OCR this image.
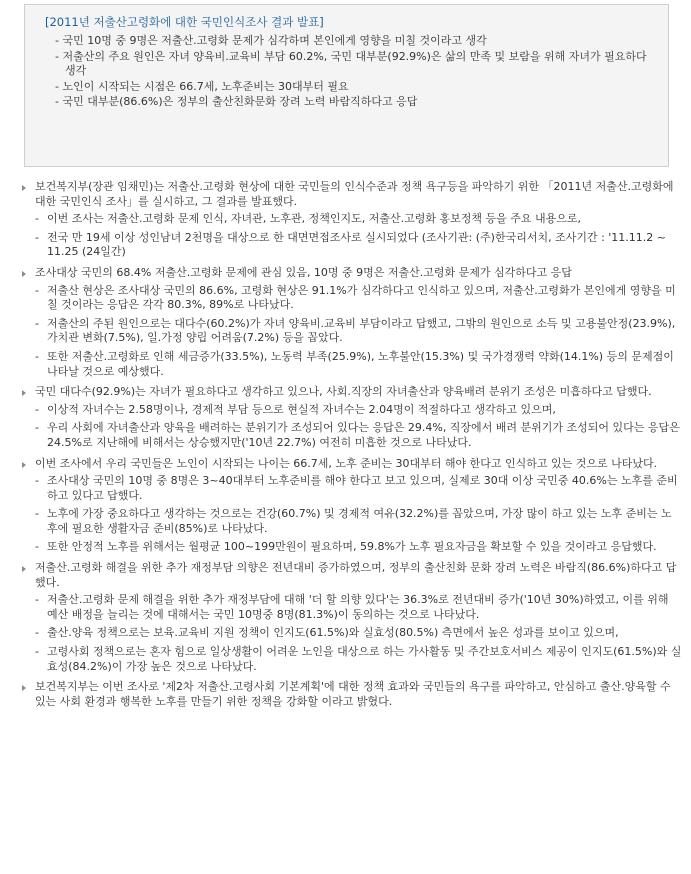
[2011년 저출산고령화에 대한 국민인식조사 결과 발표]
- 국민 10명 중 9명은 저출산.고령화 문제가 심각하며 본인에게 영향을 미칠 것이라고 생각
- 저출산의 주요 원인은 자녀 양육비.교육비 부담 60.2%, 국민 대부분(92.9%)은 삶의 만족 및 보람을 위해 자녀가 필요하다 생각
- 노인이 시작되는 시점은 66.7세, 노후준비는 30대부터 필요
- 국민 대부분(86.6%)은 정부의 출산친화문화 장려 노력 바람직하다고 응답
보건복지부(장관 임채민)는 저출산.고령화 현상에 대한 국민들의 인식수준과 정책 욕구등을 파악하기 위한 「2011년 저출산.고령화에 대한 국민인식 조사」를 실시하고, 그 결과를 발표했다.
- 이번 조사는 저출산.고령화 문제 인식, 자녀관, 노후관, 정책인지도, 저출산.고령화 홍보정책 등을 주요 내용으로,
- 전국 만 19세 이상 성인남녀 2천명을 대상으로 한 대면면접조사로 실시되었다 (조사기관: (주)한국리서치, 조사기간 : '11.11.2 ~ 11.25 (24일간)
조사대상 국민의 68.4% 저출산.고령화 문제에 관심 있음, 10명 중 9명은 저출산.고령화 문제가 심각하다고 응답
- 저출산 현상은 조사대상 국민의 86.6%, 고령화 현상은 91.1%가 심각하다고 인식하고 있으며, 저출산.고령화가 본인에게 영향을 미칠 것이라는 응답은 각각 80.3%, 89%로 나타났다.
- 저출산의 주된 원인으로는 대다수(60.2%)가 자녀 양육비.교육비 부담이라고 답했고, 그밖의 원인으로 소득 및 고용불안정(23.9%), 가치관 변화(7.5%), 일.가정 양립 어려움(7.2%) 등을 꼽았다.
- 또한 저출산.고령화로 인해 세금증가(33.5%), 노동력 부족(25.9%), 노후불안(15.3%) 및 국가경쟁력 약화(14.1%) 등의 문제점이 나타날 것으로 예상했다.
국민 대다수(92.9%)는 자녀가 필요하다고 생각하고 있으나, 사회.직장의 자녀출산과 양육배려 분위기 조성은 미흡하다고 답했다.
- 이상적 자녀수는 2.58명이나, 경제적 부담 등으로 현실적 자녀수는 2.04명이 적절하다고 생각하고 있으며,
- 우리 사회에 자녀출산과 양육을 배려하는 분위기가 조성되어 있다는 응답은 29.4%, 직장에서 배려 분위기가 조성되어 있다는 응답은 24.5%로 지난해에 비해서는 상승했지만('10년 22.7%) 여전히 미흡한 것으로 나타났다.
이번 조사에서 우리 국민들은 노인이 시작되는 나이는 66.7세, 노후 준비는 30대부터 해야 한다고 인식하고 있는 것으로 나타났다.
- 조사대상 국민의 10명 중 8명은 3~40대부터 노후준비를 해야 한다고 보고 있으며, 실제로 30대 이상 국민중 40.6%는 노후를 준비하고 있다고 답했다.
- 노후에 가장 중요하다고 생각하는 것으로는 건강(60.7%) 및 경제적 여유(32.2%)를 꼽았으며, 가장 많이 하고 있는 노후 준비는 노후에 필요한 생활자금 준비(85%)로 나타났다.
- 또한 안정적 노후를 위해서는 월평균 100~199만원이 필요하며, 59.8%가 노후 필요자금을 확보할 수 있을 것이라고 응답했다.
저출산.고령화 해결을 위한 추가 재정부담 의향은 전년대비 증가하였으며, 정부의 출산친화 문화 장려 노력은 바람직(86.6%)하다고 답했다.
- 저출산.고령화 문제 해결을 위한 추가 재정부담에 대해 '더 할 의향 있다'는 36.3%로 전년대비 증가('10년 30%)하였고, 이를 위해 예산 배정을 늘리는 것에 대해서는 국민 10명중 8명(81.3%)이 동의하는 것으로 나타났다.
- 출산.양육 정책으로는 보육.교육비 지원 정책이 인지도(61.5%)와 실효성(80.5%) 측면에서 높은 성과를 보이고 있으며,
- 고령사회 정책으로는 혼자 힘으로 일상생활이 어려운 노인을 대상으로 하는 가사활동 및 주간보호서비스 제공이 인지도(61.5%)와 실효성(84.2%)이 가장 높은 것으로 나타났다.
보건복지부는 이번 조사로 '제2차 저출산.고령사회 기본계획'에 대한 정책 효과와 국민들의 욕구를 파악하고, 안심하고 출산.양육할 수 있는 사회 환경과 행복한 노후를 만들기 위한 정책을 강화할 이라고 밝혔다.
